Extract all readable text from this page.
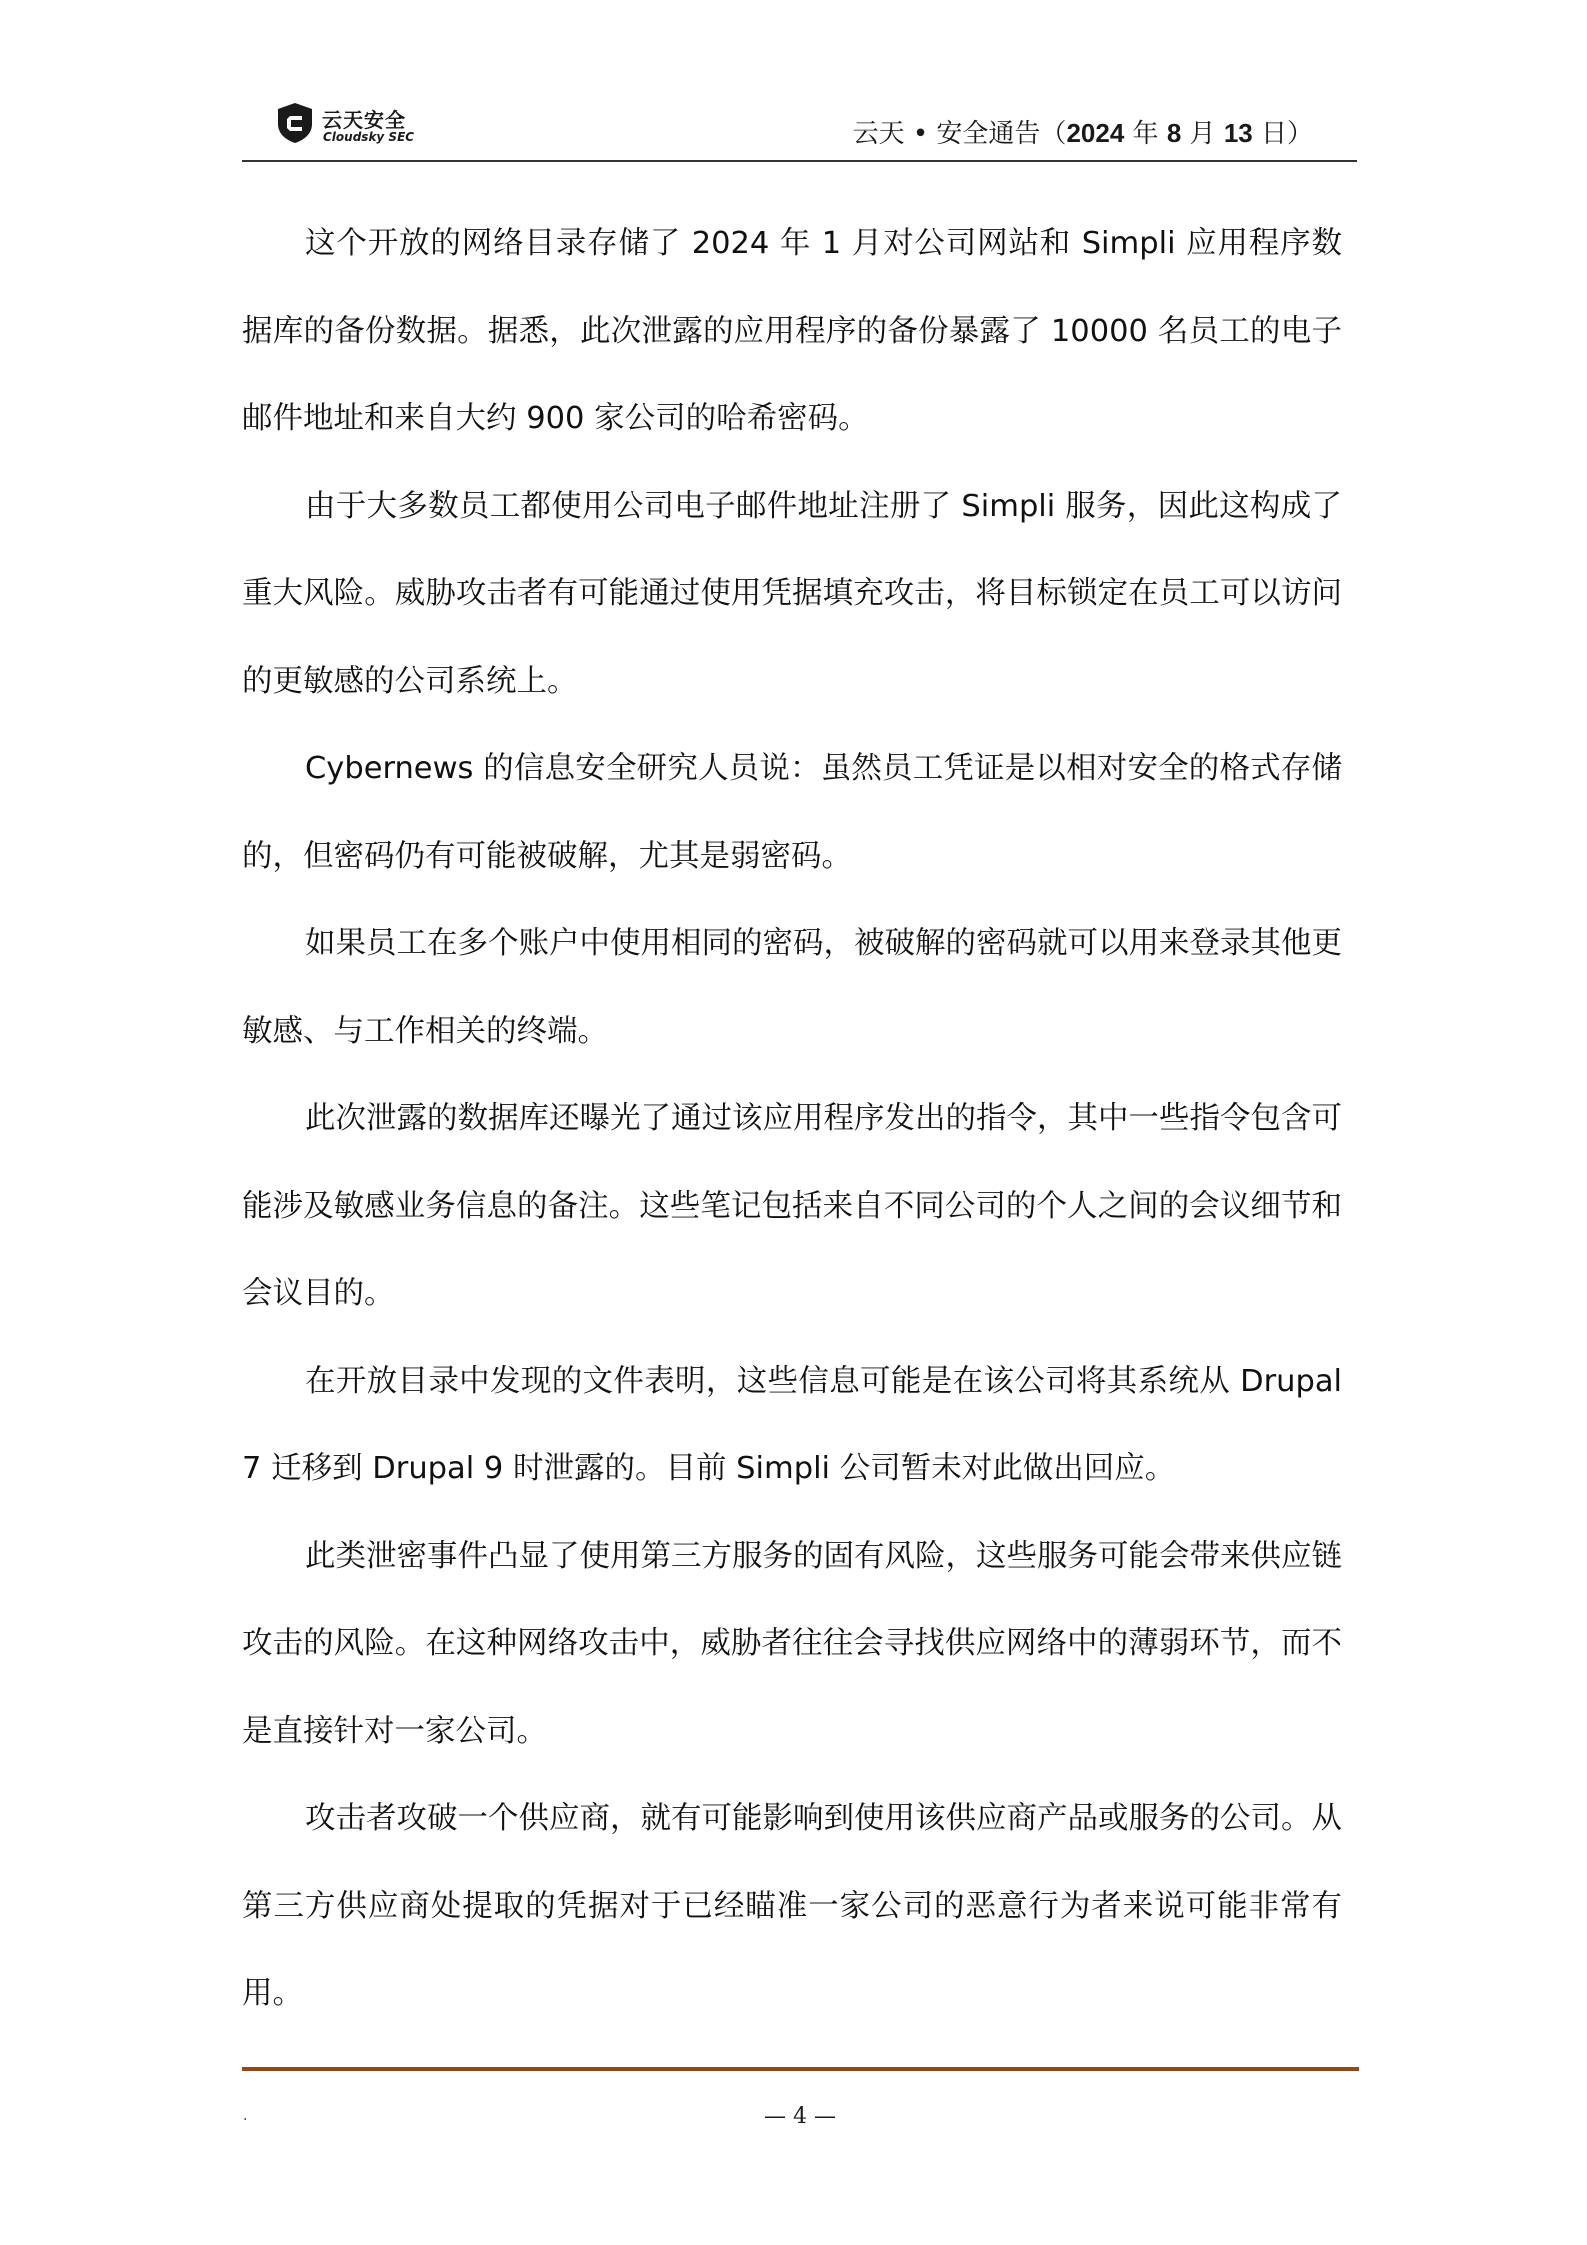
云天安全
Cloudsky SEC	云天 • 安全通告（2024 年 8 月 13 日）

这个开放的网络目录存储了 2024 年 1 月对公司网站和 Simpli 应用程序数据库的备份数据。据悉，此次泄露的应用程序的备份暴露了 10000 名员工的电子邮件地址和来自大约 900 家公司的哈希密码。

由于大多数员工都使用公司电子邮件地址注册了 Simpli 服务，因此这构成了重大风险。威胁攻击者有可能通过使用凭据填充攻击，将目标锁定在员工可以访问的更敏感的公司系统上。

Cybernews 的信息安全研究人员说：虽然员工凭证是以相对安全的格式存储的，但密码仍有可能被破解，尤其是弱密码。

如果员工在多个账户中使用相同的密码，被破解的密码就可以用来登录其他更敏感、与工作相关的终端。

此次泄露的数据库还曝光了通过该应用程序发出的指令，其中一些指令包含可能涉及敏感业务信息的备注。这些笔记包括来自不同公司的个人之间的会议细节和会议目的。

在开放目录中发现的文件表明，这些信息可能是在该公司将其系统从 Drupal 7 迁移到 Drupal 9 时泄露的。目前 Simpli 公司暂未对此做出回应。

此类泄密事件凸显了使用第三方服务的固有风险，这些服务可能会带来供应链攻击的风险。在这种网络攻击中，威胁者往往会寻找供应网络中的薄弱环节，而不是直接针对一家公司。

攻击者攻破一个供应商，就有可能影响到使用该供应商产品或服务的公司。从第三方供应商处提取的凭据对于已经瞄准一家公司的恶意行为者来说可能非常有用。

.	— 4 —
